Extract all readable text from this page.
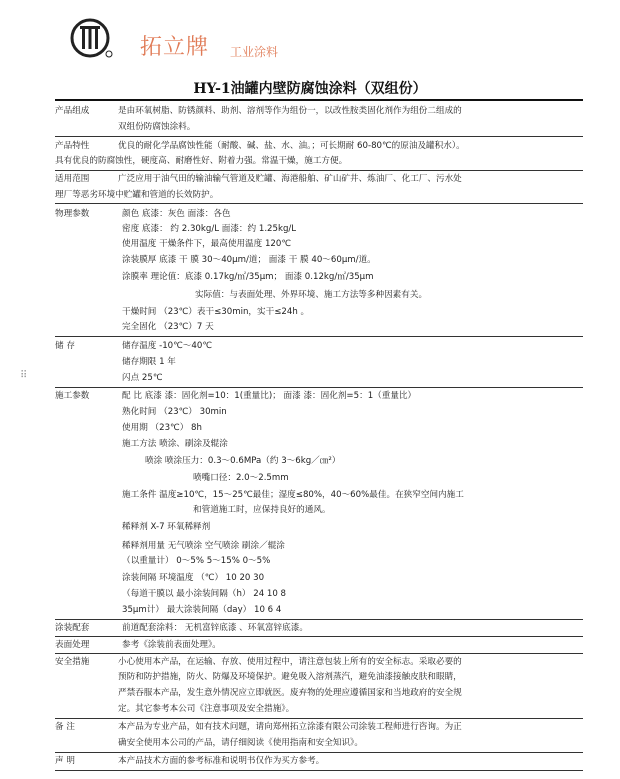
拓立牌 工业涂料
HY-1油罐内壁防腐蚀涂料（双组份）
⠿
产品组成	是由环氧树脂、防锈颜料、助剂、溶剂等作为组份一，以改性胺类固化剂作为组份二组成的
双组份防腐蚀涂料。
产品特性	优良的耐化学品腐蚀性能（耐酸、碱、盐、水、油。；可长期耐 60-80℃的原油及罐积水）。
具有优良的防腐蚀性，硬度高、耐磨性好、附着力强。常温干燥，施工方便。
适用范围	广泛应用于油气田的输油输气管道及贮罐、海港船舶、矿山矿井、炼油厂、化工厂、污水处
理厂等恶劣环境中贮罐和管道的长效防护。
物理参数	颜色 底漆：灰色 面漆：各色
密度 底漆： 约 2.30kg/L 面漆：约 1.25kg/L
使用温度 干燥条件下，最高使用温度 120℃
涂装膜厚 底漆 干 膜 30～40μm/道； 面漆 干 膜 40～60μm/道。
涂膜率 理论值：底漆 0.17kg/㎡/35μm； 面漆 0.12kg/㎡/35μm
实际值：与表面处理、外界环境、施工方法等多种因素有关。
干燥时间 （23℃）表干≤30min，实干≤24h 。
完全固化 （23℃）7 天
储 存	储存温度 -10℃～40℃
储存期限 1 年
闪点 25℃
施工参数	配 比 底漆 漆：固化剂=10：1(重量比)； 面漆 漆：固化剂=5：1（重量比）
熟化时间 （23℃） 30min
使用期 （23℃） 8h
施工方法 喷涂、刷涂及辊涂
喷涂 喷涂压力：0.3～0.6MPa（约 3～6kg／㎝²）
喷嘴口径：2.0～2.5mm
施工条件 温度≥10℃，15～25℃最佳；湿度≤80%，40～60%最佳。在狭窄空间内施工
和管道施工时，应保持良好的通风。
稀释剂 X-7 环氧稀释剂
稀释剂用量 无气喷涂 空气喷涂 刷涂／辊涂
（以重量计） 0～5% 5～15% 0～5%
涂装间隔 环境温度 （℃） 10 20 30
（每道干膜以 最小涂装间隔（h） 24 10 8
35μm计） 最大涂装间隔（day） 10 6 4
涂装配套	前道配套涂料： 无机富锌底漆 、环氧富锌底漆。
表面处理	参考《涂装前表面处理》。
安全措施	小心使用本产品，在运输、存放、使用过程中，请注意包装上所有的安全标志。采取必要的
预防和防护措施，防火、防爆及环境保护。避免吸入溶剂蒸汽，避免油漆接触皮肤和眼睛，
严禁吞服本产品，发生意外情况应立即就医。废弃物的处理应遵循国家和当地政府的安全规
定。其它参考本公司《注意事项及安全措施》。
备 注	本产品为专业产品，如有技术问题，请向郑州拓立涂漆有限公司涂装工程师进行咨询。为正
确安全使用本公司的产品，请仔细阅读《使用指南和安全知识》。
声 明	本产品技术方面的参考标准和说明书仅作为买方参考。
